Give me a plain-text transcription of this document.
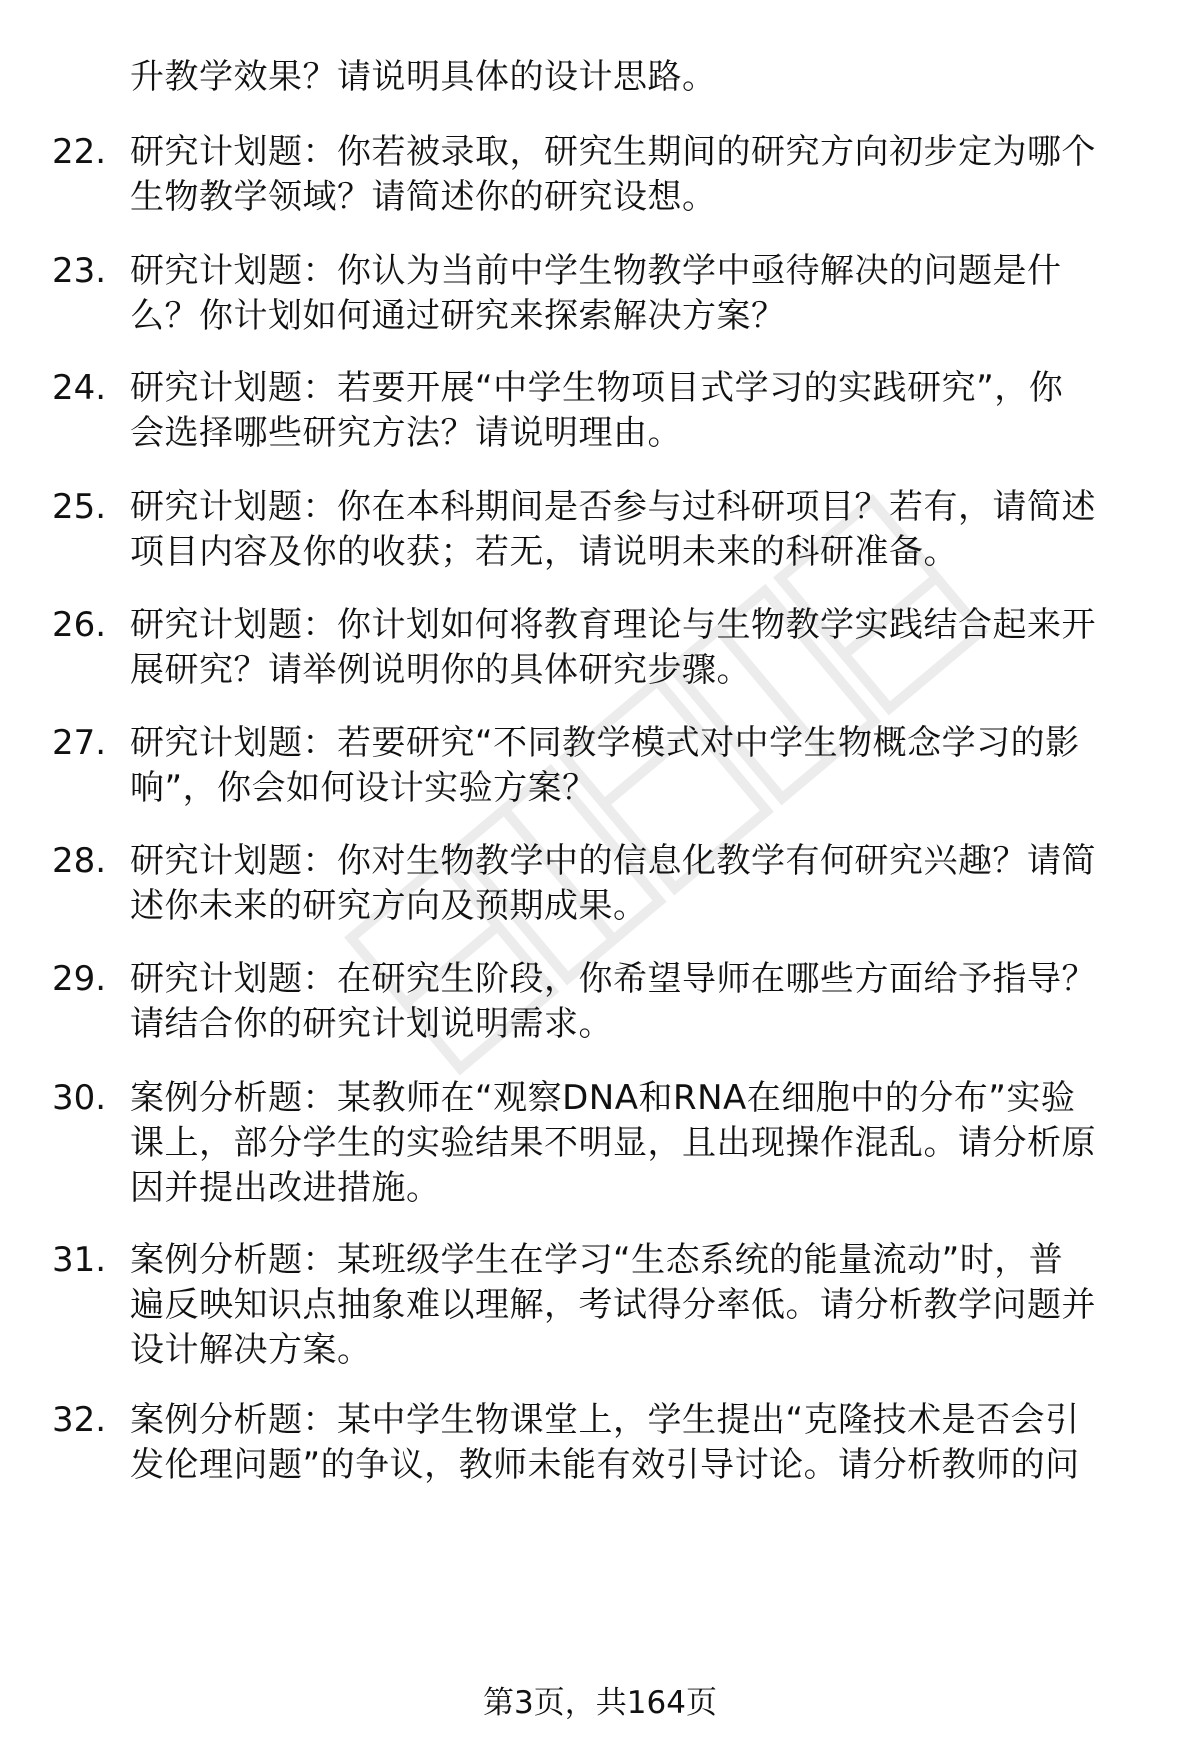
升教学效果？请说明具体的设计思路。
22. 研究计划题：你若被录取，研究生期间的研究方向初步定为哪个
生物教学领域？请简述你的研究设想。
23. 研究计划题：你认为当前中学生物教学中亟待解决的问题是什
么？你计划如何通过研究来探索解决方案？
24. 研究计划题：若要开展“中学生物项目式学习的实践研究”，你
会选择哪些研究方法？请说明理由。
25. 研究计划题：你在本科期间是否参与过科研项目？若有，请简述
项目内容及你的收获；若无，请说明未来的科研准备。
26. 研究计划题：你计划如何将教育理论与生物教学实践结合起来开
展研究？请举例说明你的具体研究步骤。
27. 研究计划题：若要研究“不同教学模式对中学生物概念学习的影
响”，你会如何设计实验方案？
28. 研究计划题：你对生物教学中的信息化教学有何研究兴趣？请简
述你未来的研究方向及预期成果。
29. 研究计划题：在研究生阶段，你希望导师在哪些方面给予指导？
请结合你的研究计划说明需求。
30. 案例分析题：某教师在“观察DNA和RNA在细胞中的分布”实验
课上，部分学生的实验结果不明显，且出现操作混乱。请分析原
因并提出改进措施。
31. 案例分析题：某班级学生在学习“生态系统的能量流动”时，普
遍反映知识点抽象难以理解，考试得分率低。请分析教学问题并
设计解决方案。
32. 案例分析题：某中学生物课堂上，学生提出“克隆技术是否会引
发伦理问题”的争议，教师未能有效引导讨论。请分析教师的问
第3页，共164页
